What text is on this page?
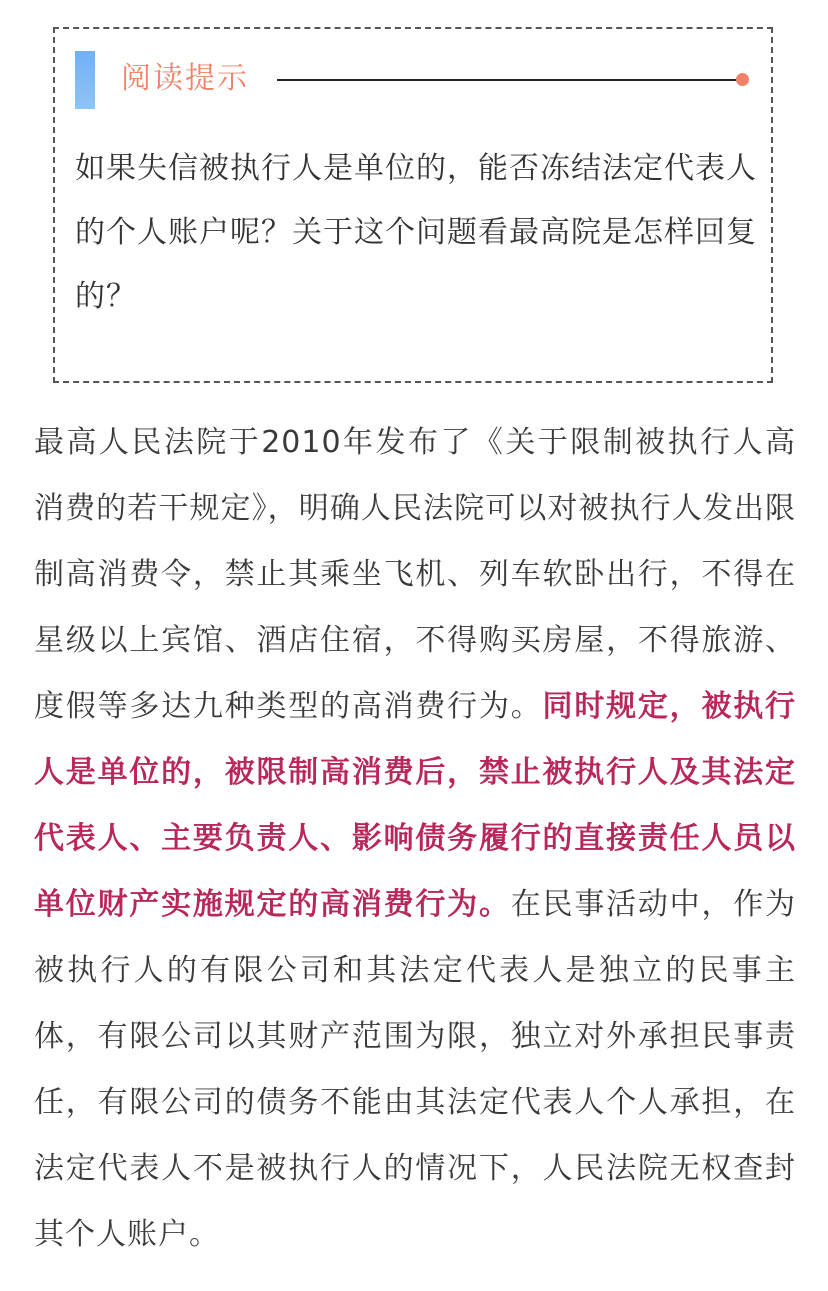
阅读提示

如果失信被执行人是单位的，能否冻结法定代表人的个人账户呢？关于这个问题看最高院是怎样回复的？

最高人民法院于2010年发布了《关于限制被执行人高消费的若干规定》，明确人民法院可以对被执行人发出限制高消费令，禁止其乘坐飞机、列车软卧出行，不得在星级以上宾馆、酒店住宿，不得购买房屋，不得旅游、度假等多达九种类型的高消费行为。同时规定，被执行人是单位的，被限制高消费后，禁止被执行人及其法定代表人、主要负责人、影响债务履行的直接责任人员以单位财产实施规定的高消费行为。在民事活动中，作为被执行人的有限公司和其法定代表人是独立的民事主体，有限公司以其财产范围为限，独立对外承担民事责任，有限公司的债务不能由其法定代表人个人承担，在法定代表人不是被执行人的情况下，人民法院无权查封其个人账户。
